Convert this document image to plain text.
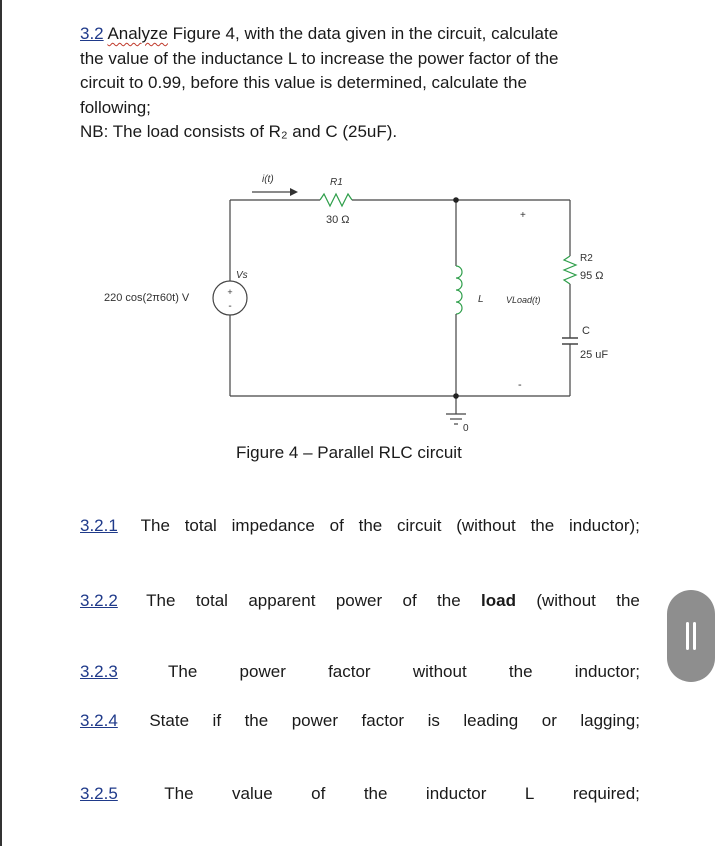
3.2 Analyze Figure 4, with the data given in the circuit, calculate

the value of the inductance L to increase the power factor of the

circuit to 0.99, before this value is determined, calculate the

following;

NB: The load consists of R₂ and C (25uF).

+
-
220 cos(2π60t) V
Vs
i(t)	R1
30 Ω
L
+
VLoad(t)
-
R2
95 Ω
C
25 uF
0
Figure 4 – Parallel RLC circuit
3.2.1 The total impedance of the circuit (without the inductor);
3.2.2 The total apparent power of the load (without the
3.2.3	The power factor without the inductor;
3.2.4 State if the power factor is leading or lagging;
3.2.5	The value of the inductor L required;
